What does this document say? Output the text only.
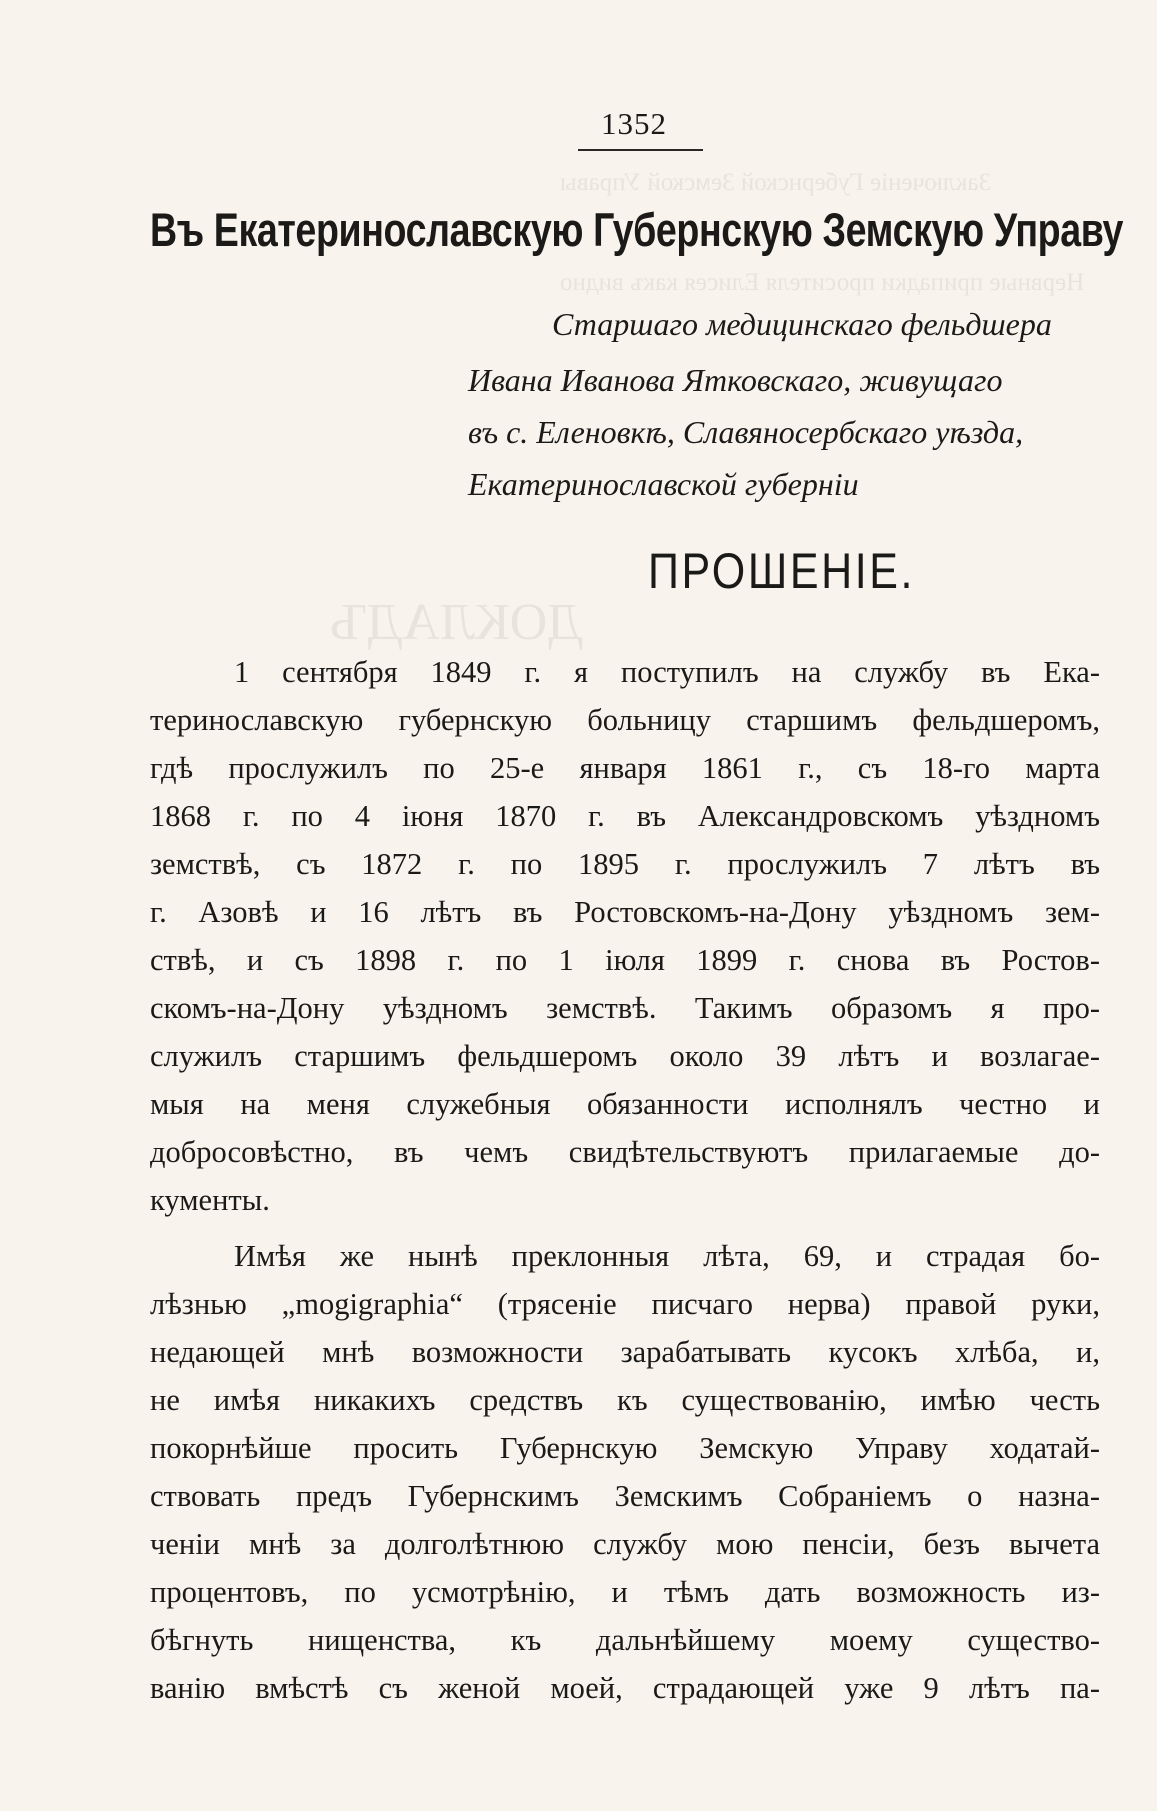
Заключеніе Губернской Земской Управы
Нервные припадки просителя Елисея какъ видно
ДОКЛАДЪ
1352
Въ Екатеринославскую Губернскую Земскую Управу
Старшаго медицинскаго фельдшера
Ивана Иванова Ятковскаго, живущаго
въ с. Еленовкѣ, Славяносербскаго уѣзда,
Екатеринославской губерніи
ПРОШЕНІЕ.
1 сентября 1849 г. я поступилъ на службу въ Ека-
теринославскую губернскую больницу старшимъ фельдшеромъ,
гдѣ прослужилъ по 25-е января 1861 г., съ 18-го марта
1868 г. по 4 іюня 1870 г. въ Александровскомъ уѣздномъ
земствѣ, съ 1872 г. по 1895 г. прослужилъ 7 лѣтъ въ
г. Азовѣ и 16 лѣтъ въ Ростовскомъ-на-Дону уѣздномъ зем-
ствѣ, и съ 1898 г. по 1 іюля 1899 г. снова въ Ростов-
скомъ-на-Дону уѣздномъ земствѣ. Такимъ образомъ я про-
служилъ старшимъ фельдшеромъ около 39 лѣтъ и возлагае-
мыя на меня служебныя обязанности исполнялъ честно и
добросовѣстно, въ чемъ свидѣтельствуютъ прилагаемые до-
кументы.
Имѣя же нынѣ преклонныя лѣта, 69, и страдая бо-
лѣзнью „mogigraphia“ (трясеніе писчаго нерва) правой руки,
недающей мнѣ возможности зарабатывать кусокъ хлѣба, и,
не имѣя никакихъ средствъ къ существованію, имѣю честь
покорнѣйше просить Губернскую Земскую Управу ходатай-
ствовать предъ Губернскимъ Земскимъ Собраніемъ о назна-
ченіи мнѣ за долголѣтнюю службу мою пенсіи, безъ вычета
процентовъ, по усмотрѣнію, и тѣмъ дать возможность из-
бѣгнуть нищенства, къ дальнѣйшему моему существо-
ванію вмѣстѣ съ женой моей, страдающей уже 9 лѣтъ па-
